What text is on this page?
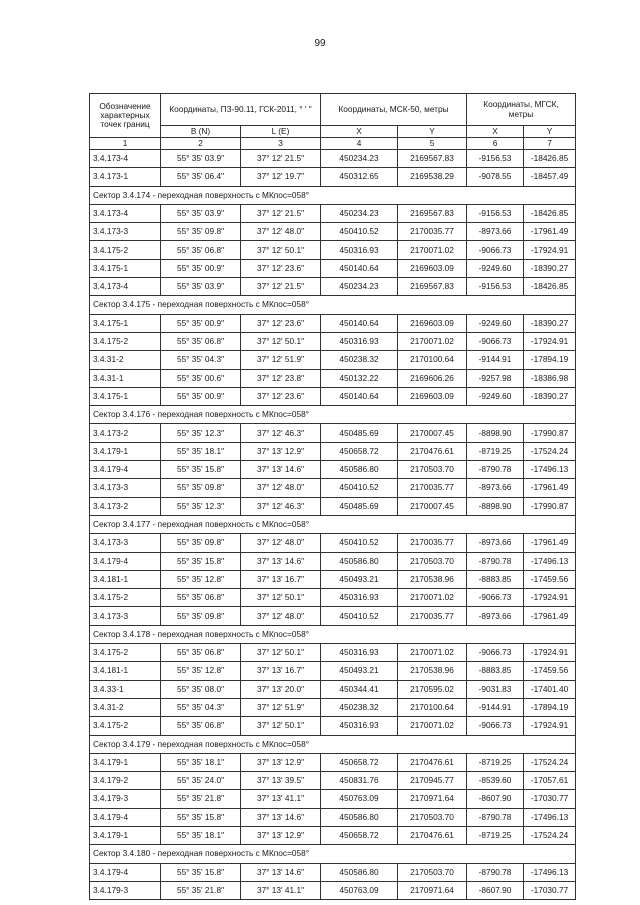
99
Обозначение характерных точек границ	Координаты, ПЗ-90.11, ГСК-2011, ° ' "		Координаты, МСК-50, метры		Координаты, МГСК, метры	
	B (N)	L (E)	X	Y	X	Y
1	2	3	4	5	6	7
3.4.173-4	55° 35' 03.9"	37° 12' 21.5"	450234.23	2169567.83	-9156.53	-18426.85
3.4.173-1	55° 35' 06.4"	37° 12' 19.7"	450312.65	2169538.29	-9078.55	-18457.49
Сектор 3.4.174 - переходная поверхность с МКпос=058°						
3.4.173-4	55° 35' 03.9"	37° 12' 21.5"	450234.23	2169567.83	-9156.53	-18426.85
3.4.173-3	55° 35' 09.8"	37° 12' 48.0"	450410.52	2170035.77	-8973.66	-17961.49
3.4.175-2	55° 35' 06.8"	37° 12' 50.1"	450316.93	2170071.02	-9066.73	-17924.91
3.4.175-1	55° 35' 00.9"	37° 12' 23.6"	450140.64	2169603.09	-9249.60	-18390.27
3.4.173-4	55° 35' 03.9"	37° 12' 21.5"	450234.23	2169567.83	-9156.53	-18426.85
Сектор 3.4.175 - переходная поверхность с МКпос=058°						
3.4.175-1	55° 35' 00.9"	37° 12' 23.6"	450140.64	2169603.09	-9249.60	-18390.27
3.4.175-2	55° 35' 06.8"	37° 12' 50.1"	450316.93	2170071.02	-9066.73	-17924.91
3.4.31-2	55° 35' 04.3"	37° 12' 51.9"	450238.32	2170100.64	-9144.91	-17894.19
3.4.31-1	55° 35' 00.6"	37° 12' 23.8"	450132.22	2169606.26	-9257.98	-18386.98
3.4.175-1	55° 35' 00.9"	37° 12' 23.6"	450140.64	2169603.09	-9249.60	-18390.27
Сектор 3.4.176 - переходная поверхность с МКпос=058°						
3.4.173-2	55° 35' 12.3"	37° 12' 46.3"	450485.69	2170007.45	-8898.90	-17990.87
3.4.179-1	55° 35' 18.1"	37° 13' 12.9"	450658.72	2170476.61	-8719.25	-17524.24
3.4.179-4	55° 35' 15.8"	37° 13' 14.6"	450586.80	2170503.70	-8790.78	-17496.13
3.4.173-3	55° 35' 09.8"	37° 12' 48.0"	450410.52	2170035.77	-8973.66	-17961.49
3.4.173-2	55° 35' 12.3"	37° 12' 46.3"	450485.69	2170007.45	-8898.90	-17990.87
Сектор 3.4.177 - переходная поверхность с МКпос=058°						
3.4.173-3	55° 35' 09.8"	37° 12' 48.0"	450410.52	2170035.77	-8973.66	-17961.49
3.4.179-4	55° 35' 15.8"	37° 13' 14.6"	450586.80	2170503.70	-8790.78	-17496.13
3.4.181-1	55° 35' 12.8"	37° 13' 16.7"	450493.21	2170538.96	-8883.85	-17459.56
3.4.175-2	55° 35' 06.8"	37° 12' 50.1"	450316.93	2170071.02	-9066.73	-17924.91
3.4.173-3	55° 35' 09.8"	37° 12' 48.0"	450410.52	2170035.77	-8973.66	-17961.49
Сектор 3.4.178 - переходная поверхность с МКпос=058°						
3.4.175-2	55° 35' 06.8"	37° 12' 50.1"	450316.93	2170071.02	-9066.73	-17924.91
3.4.181-1	55° 35' 12.8"	37° 13' 16.7"	450493.21	2170538.96	-8883.85	-17459.56
3.4.33-1	55° 35' 08.0"	37° 13' 20.0"	450344.41	2170595.02	-9031.83	-17401.40
3.4.31-2	55° 35' 04.3"	37° 12' 51.9"	450238.32	2170100.64	-9144.91	-17894.19
3.4.175-2	55° 35' 06.8"	37° 12' 50.1"	450316.93	2170071.02	-9066.73	-17924.91
Сектор 3.4.179 - переходная поверхность с МКпос=058°						
3.4.179-1	55° 35' 18.1"	37° 13' 12.9"	450658.72	2170476.61	-8719.25	-17524.24
3.4.179-2	55° 35' 24.0"	37° 13' 39.5"	450831.76	2170945.77	-8539.60	-17057.61
3.4.179-3	55° 35' 21.8"	37° 13' 41.1"	450763.09	2170971.64	-8607.90	-17030.77
3.4.179-4	55° 35' 15.8"	37° 13' 14.6"	450586.80	2170503.70	-8790.78	-17496.13
3.4.179-1	55° 35' 18.1"	37° 13' 12.9"	450658.72	2170476.61	-8719.25	-17524.24
Сектор 3.4.180 - переходная поверхность с МКпос=058°						
3.4.179-4	55° 35' 15.8"	37° 13' 14.6"	450586.80	2170503.70	-8790.78	-17496.13
3.4.179-3	55° 35' 21.8"	37° 13' 41.1"	450763.09	2170971.64	-8607.90	-17030.77
